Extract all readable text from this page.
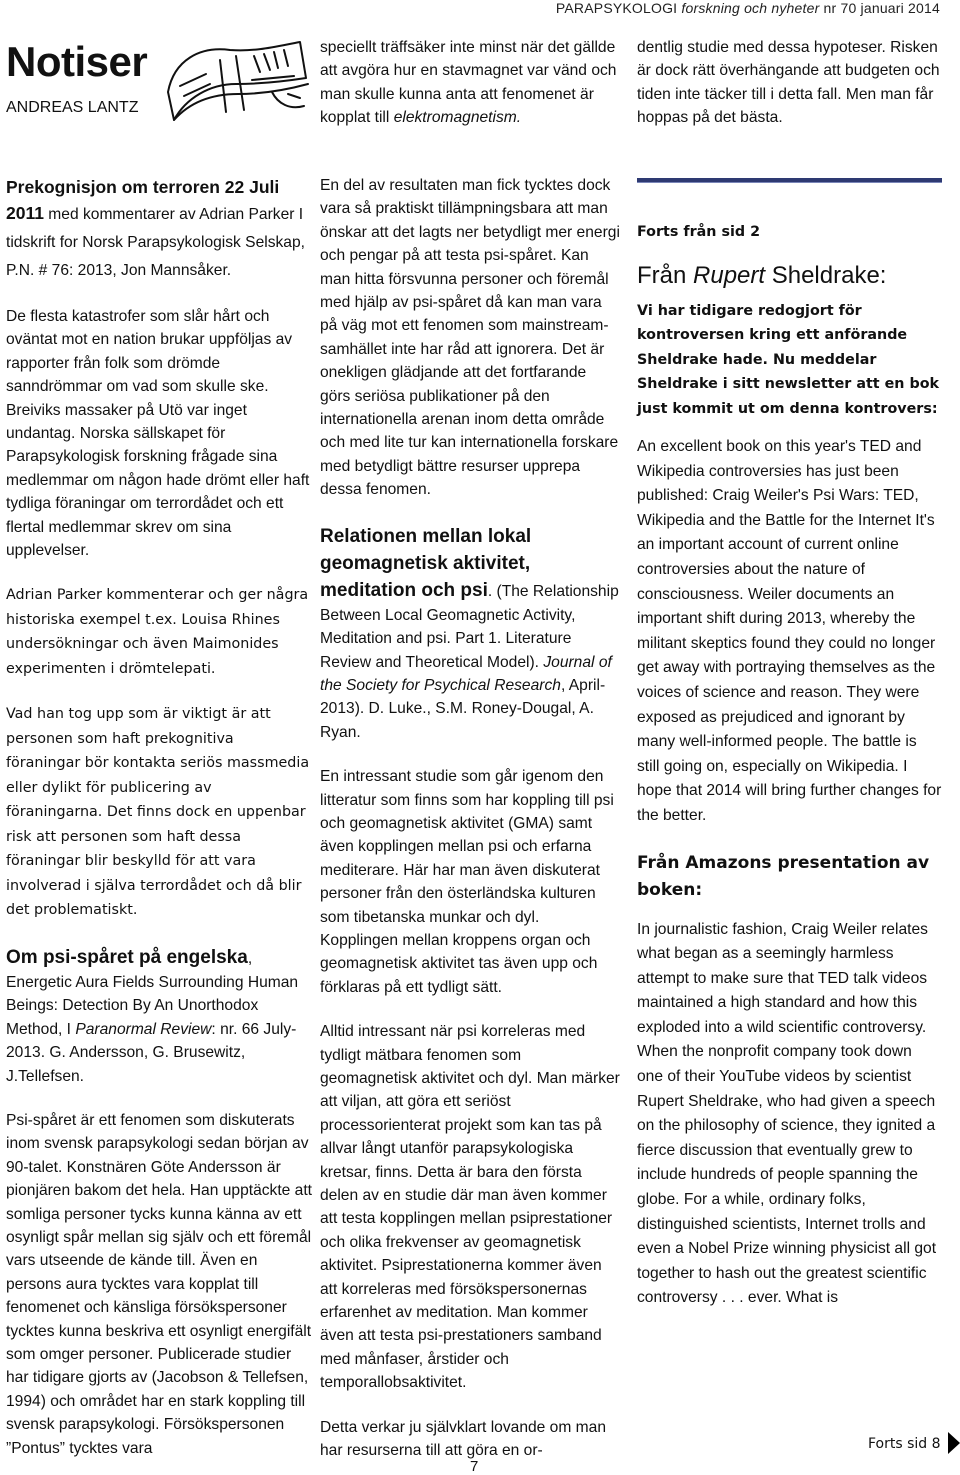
PARAPSYKOLOGI forskning och nyheter nr 70 januari 2014
Notiser
ANDREAS LANTZ
Prekognisjon om terroren 22 Juli 2011 med kommentarer av Adrian Parker I tidskrift for Norsk Parapsykologisk Selskap, P.N. # 76: 2013, Jon Mannsåker.

De flesta katastrofer som slår hårt och oväntat mot en nation brukar uppföljas av rapporter från folk som drömde sanndrömmar om vad som skulle ske. Breiviks massaker på Utö var inget undantag. Norska sällskapet för Parapsykologisk forskning frågade sina medlemmar om någon hade drömt eller haft tydliga föraningar om terrordådet och ett flertal medlemmar skrev om sina upplevelser.

Adrian Parker kommenterar och ger några historiska exempel t.ex. Louisa Rhines undersökningar och även Maimonides experimenten i drömtelepati.

Vad han tog upp som är viktigt är att personen som haft prekognitiva föraningar bör kontakta seriös massmedia eller dylikt för publicering av föraningarna. Det finns dock en uppenbar risk att personen som haft dessa föraningar blir beskylld för att vara involverad i själva terrordådet och då blir det problematiskt.

Om psi-spåret på engelska, Energetic Aura Fields Surrounding Human Beings: Detection By An Unorthodox Method, I Paranormal Review: nr. 66 July-2013. G. Andersson, G. Brusewitz, J.Tellefsen.

Psi-spåret är ett fenomen som diskuterats inom svensk parapsykologi sedan början av 90-talet. Konstnären Göte Andersson är pionjären bakom det hela. Han upptäckte att somliga personer tycks kunna känna av ett osynligt spår mellan sig själv och ett föremål vars utseende de kände till. Även en persons aura tycktes vara kopplat till fenomenet och känsliga försökspersoner tycktes kunna beskriva ett osynligt energifält som omger personer. Publicerade studier har tidigare gjorts av (Jacobson & Tellefsen, 1994) och området har en stark koppling till svensk parapsykologi. Försökspersonen ”Pontus” tycktes vara

speciellt träffsäker inte minst när det gällde att avgöra hur en stavmagnet var vänd och man skulle kunna anta att fenomenet är kopplat till elektromagnetism.

En del av resultaten man fick tycktes dock vara så praktiskt tillämpningsbara att man önskar att det lagts ner betydligt mer energi och pengar på att testa psi-spåret. Kan man hitta försvunna personer och föremål med hjälp av psi-spåret då kan man vara på väg mot ett fenomen som mainstream-samhället inte har råd att ignorera. Det är onekligen glädjande att det fortfarande görs seriösa publikationer på den internationella arenan inom detta område och med lite tur kan internationella forskare med betydligt bättre resurser upprepa dessa fenomen.

Relationen mellan lokal geomagnetisk aktivitet, meditation och psi. (The Relationship Between Local Geomagnetic Activity, Meditation and psi. Part 1. Literature Review and Theoretical Model). Journal of the Society for Psychical Research, April-2013). D. Luke., S.M. Roney-Dougal, A. Ryan.

En intressant studie som går igenom den litteratur som finns som har koppling till psi och geomagnetisk aktivitet (GMA) samt även kopplingen mellan psi och erfarna mediterare. Här har man även diskuterat personer från den österländska kulturen som tibetanska munkar och dyl. Kopplingen mellan kroppens organ och geomagnetisk aktivitet tas även upp och förklaras på ett tydligt sätt.

Alltid intressant när psi korreleras med tydligt mätbara fenomen som geomagnetisk aktivitet och dyl. Man märker att viljan, att göra ett seriöst processorienterat projekt som kan tas på allvar långt utanför parapsykologiska kretsar, finns. Detta är bara den första delen av en studie där man även kommer att testa kopplingen mellan psiprestationer och olika frekvenser av geomagnetisk aktivitet. Psiprestationerna kommer även att korreleras med försökspersonernas erfarenhet av meditation. Man kommer även att testa psi-prestationers samband med månfaser, årstider och temporallobsaktivitet.

Detta verkar ju självklart lovande om man har resurserna till att göra en or-

dentlig studie med dessa hypoteser. Risken är dock rätt överhängande att budgeten och tiden inte täcker till i detta fall. Men man får hoppas på det bästa.

Forts från sid 2

Från Rupert Sheldrake:

Vi har tidigare redogjort för kontroversen kring ett anförande Sheldrake hade. Nu meddelar Sheldrake i sitt newsletter att en bok just kommit ut om denna kontrovers:

An excellent book on this year's TED and Wikipedia controversies has just been published: Craig Weiler's Psi Wars: TED, Wikipedia and the Battle for the Internet It's an important account of current online controversies about the nature of consciousness. Weiler documents an important shift during 2013, whereby the militant skeptics found they could no longer get away with portraying themselves as the voices of science and reason. They were exposed as prejudiced and ignorant by many well-informed people. The battle is still going on, especially on Wikipedia. I hope that 2014 will bring further changes for the better.

Från Amazons presentation av boken:

In journalistic fashion, Craig Weiler relates what began as a seemingly harmless attempt to make sure that TED talk videos maintained a high standard and how this exploded into a wild scientific controversy. When the nonprofit company took down one of their YouTube videos by scientist Rupert Sheldrake, who had given a speech on the philosophy of science, they ignited a fierce discussion that eventually grew to include hundreds of people spanning the globe. For a while, ordinary folks, distinguished scientists, Internet trolls and even a Nobel Prize winning physicist all got together to hash out the greatest scientific controversy . . . ever. What is

7
Forts sid 8
